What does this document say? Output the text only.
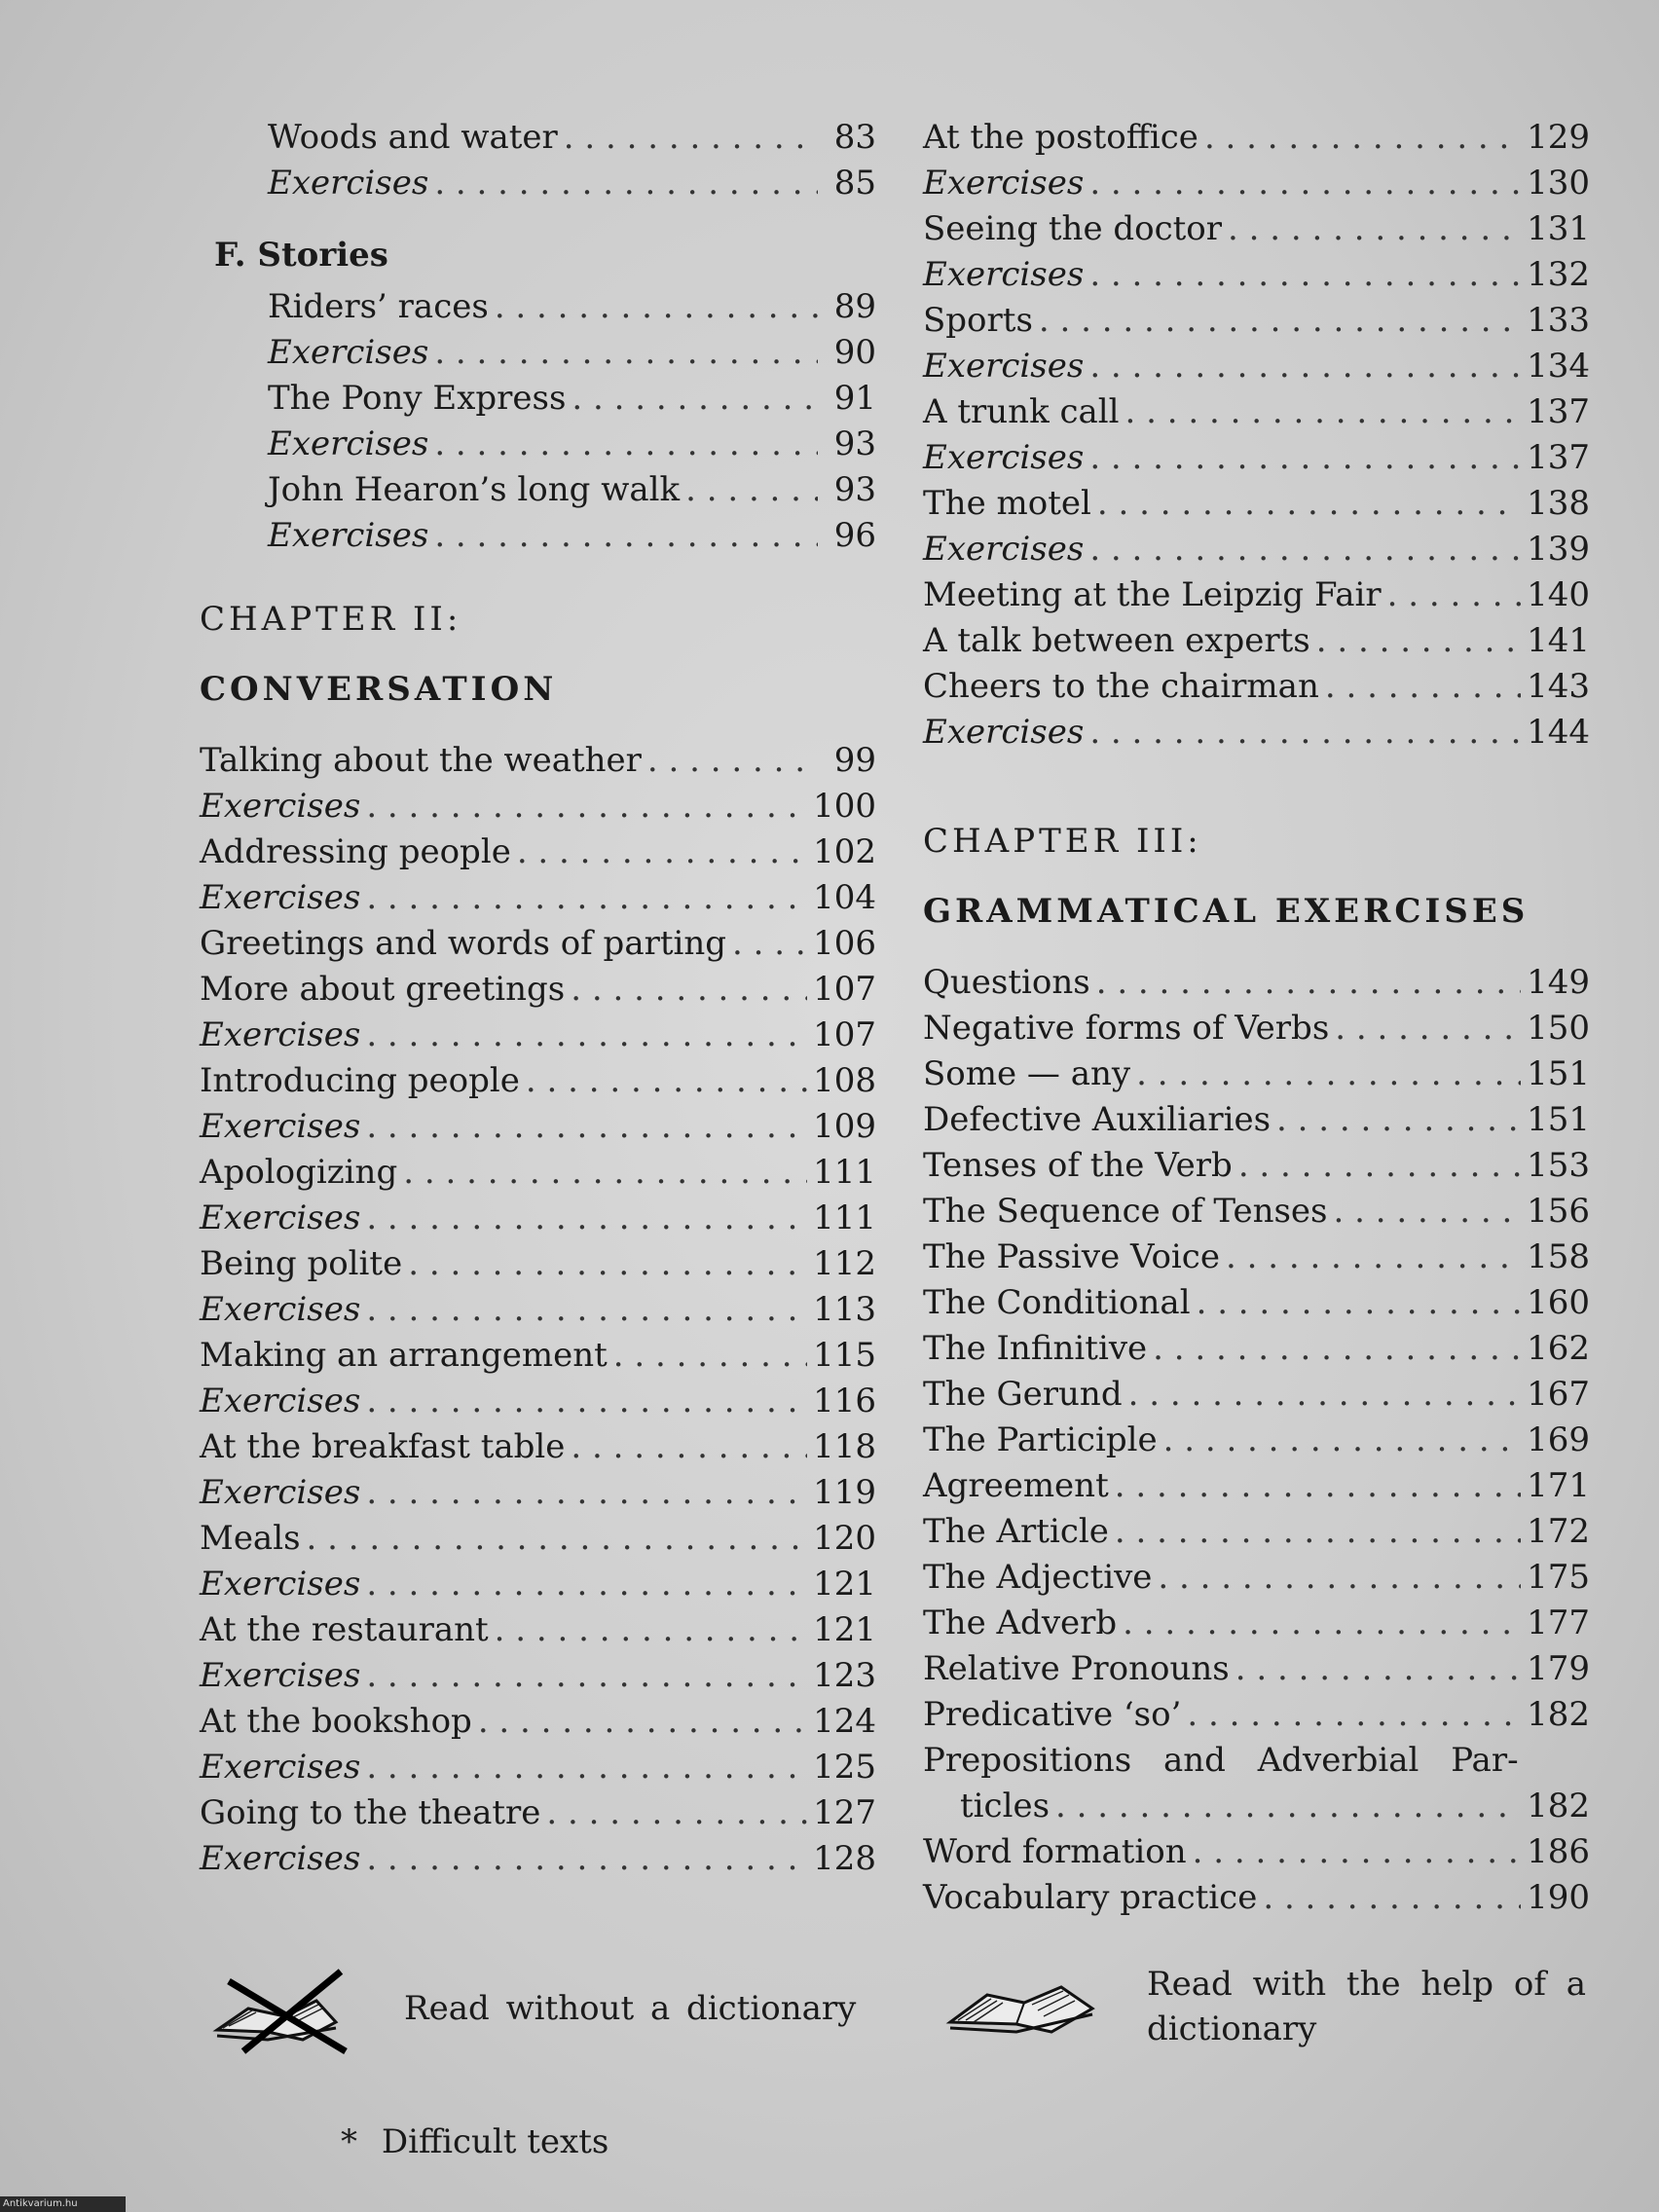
Woods and water . . .	83
Exercises . . .	85
F. Stories
Riders’ races . . .	89
Exercises . . .	90
The Pony Express . . .	91
Exercises . . .	93
John Hearon’s long walk . . .	93
Exercises . . .	96
CHAPTER II:
CONVERSATION
Talking about the weather . . .	99
Exercises . . .	100
Addressing people . . .	102
Exercises . . .	104
Greetings and words of parting . . .	106
More about greetings . . .	107
Exercises . . .	107
Introducing people . . .	108
Exercises . . .	109
Apologizing . . .	111
Exercises . . .	111
Being polite . . .	112
Exercises . . .	113
Making an arrangement . . .	115
Exercises . . .	116
At the breakfast table . . .	118
Exercises . . .	119
Meals . . .	120
Exercises . . .	121
At the restaurant . . .	121
Exercises . . .	123
At the bookshop . . .	124
Exercises . . .	125
Going to the theatre . . .	127
Exercises . . .	128
At the postoffice . . .	129
Exercises . . .	130
Seeing the doctor . . .	131
Exercises . . .	132
Sports . . .	133
Exercises . . .	134
A trunk call . . .	137
Exercises . . .	137
The motel . . .	138
Exercises . . .	139
Meeting at the Leipzig Fair . . .	140
A talk between experts . . .	141
Cheers to the chairman . . .	143
Exercises . . .	144
CHAPTER III:
GRAMMATICAL EXERCISES
Questions . . .	149
Negative forms of Verbs . . .	150
Some — any . . .	151
Defective Auxiliaries . . .	151
Tenses of the Verb . . .	153
The Sequence of Tenses . . .	156
The Passive Voice . . .	158
The Conditional . . .	160
The Infinitive . . .	162
The Gerund . . .	167
The Participle . . .	169
Agreement . . .	171
The Article . . .	172
The Adjective . . .	175
The Adverb . . .	177
Relative Pronouns . . .	179
Predicative ‘so’ . . .	182
Prepositions and Adverbial Par-
ticles . . .	182
Word formation . . .	186
Vocabulary practice . . .	190
Read without a dictionary
Read with the help of a
dictionary
* Difficult texts
Antikvarium.hu
